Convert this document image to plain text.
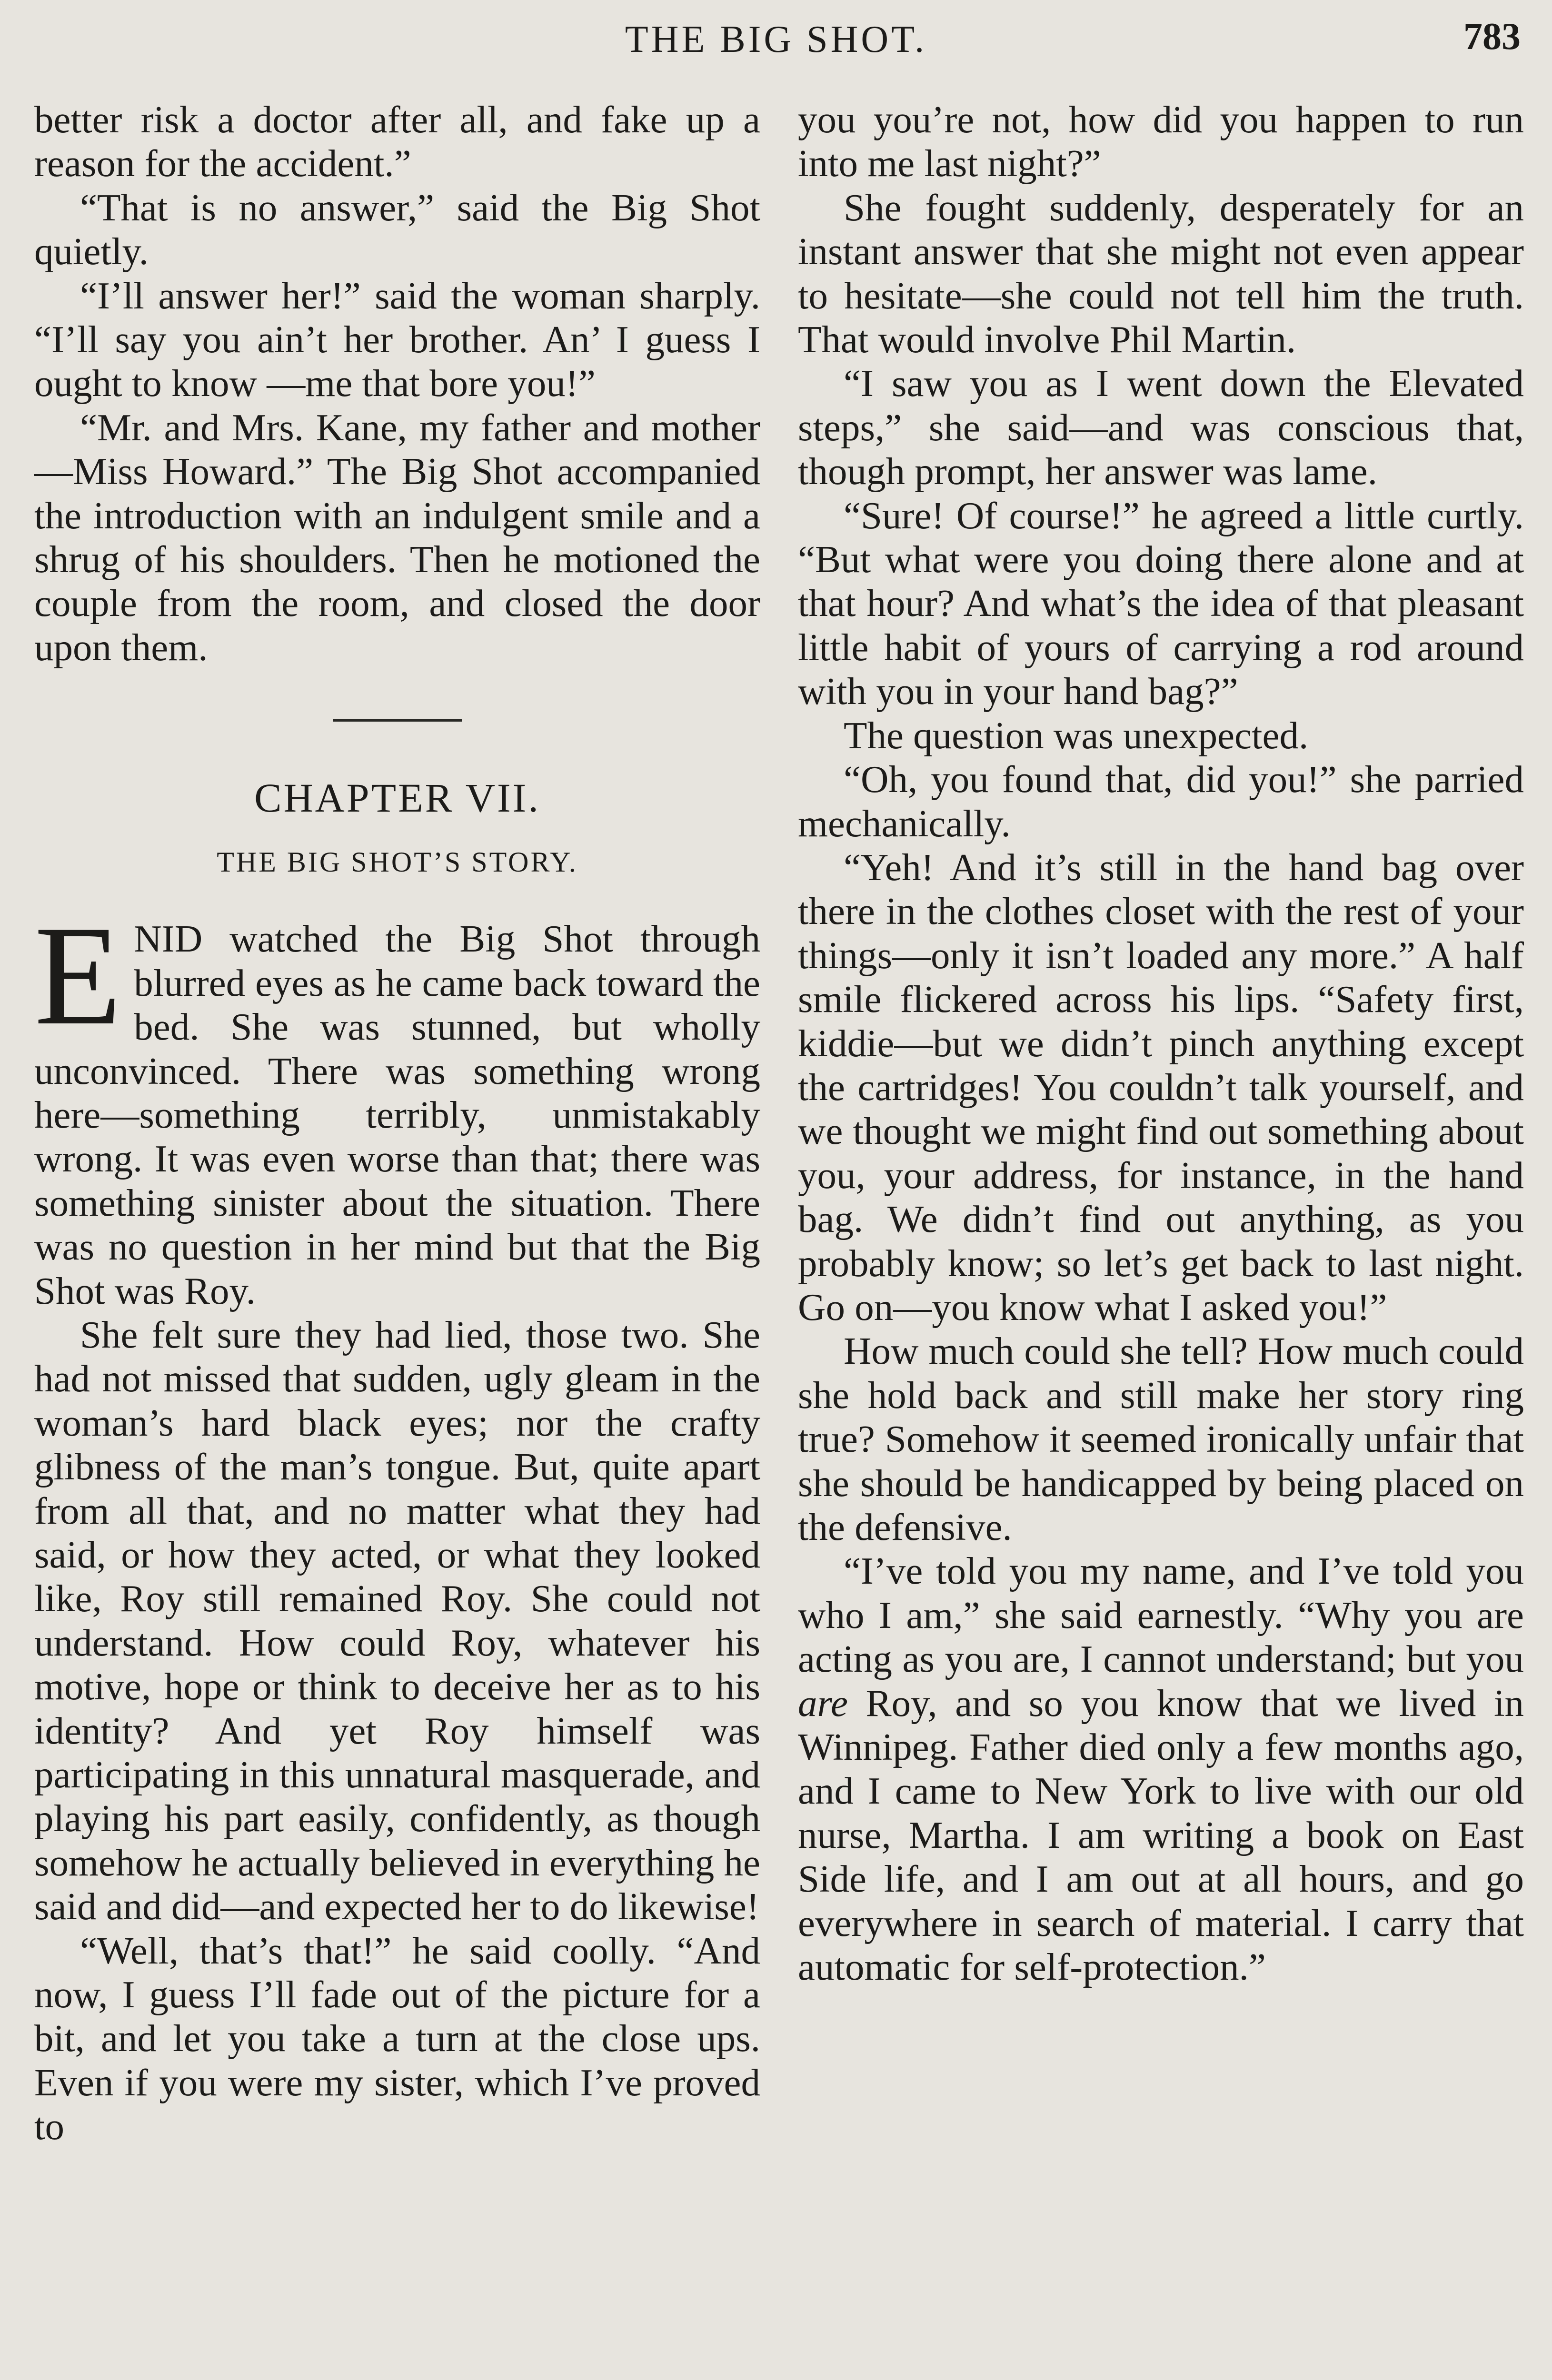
THE BIG SHOT.	783

better risk a doctor after all, and fake up a reason for the accident.”

“That is no answer,” said the Big Shot quietly.

“I’ll answer her!” said the woman sharply. “I’ll say you ain’t her brother. An’ I guess I ought to know —me that bore you!”

“Mr. and Mrs. Kane, my father and mother—Miss Howard.” The Big Shot accompanied the introduction with an indulgent smile and a shrug of his shoulders. Then he motioned the couple from the room, and closed the door upon them.

CHAPTER VII.
THE BIG SHOT’S STORY.

ENID watched the Big Shot through blurred eyes as he came back toward the bed. She was stunned, but wholly unconvinced. There was something wrong here—something terribly, unmistakably wrong. It was even worse than that; there was something sinister about the situation. There was no question in her mind but that the Big Shot was Roy.

She felt sure they had lied, those two. She had not missed that sudden, ugly gleam in the woman’s hard black eyes; nor the crafty glibness of the man’s tongue. But, quite apart from all that, and no matter what they had said, or how they acted, or what they looked like, Roy still remained Roy. She could not understand. How could Roy, whatever his motive, hope or think to deceive her as to his identity? And yet Roy himself was participating in this unnatural masquerade, and playing his part easily, confidently, as though somehow he actually believed in everything he said and did—and expected her to do likewise!

“Well, that’s that!” he said coolly. “And now, I guess I’ll fade out of the picture for a bit, and let you take a turn at the close ups. Even if you were my sister, which I’ve proved to

you you’re not, how did you happen to run into me last night?”

She fought suddenly, desperately for an instant answer that she might not even appear to hesitate—she could not tell him the truth. That would involve Phil Martin.

“I saw you as I went down the Elevated steps,” she said—and was conscious that, though prompt, her answer was lame.

“Sure! Of course!” he agreed a little curtly. “But what were you doing there alone and at that hour? And what’s the idea of that pleasant little habit of yours of carrying a rod around with you in your hand bag?”

The question was unexpected.

“Oh, you found that, did you!” she parried mechanically.

“Yeh! And it’s still in the hand bag over there in the clothes closet with the rest of your things—only it isn’t loaded any more.” A half smile flickered across his lips. “Safety first, kiddie—but we didn’t pinch anything except the cartridges! You couldn’t talk yourself, and we thought we might find out something about you, your address, for instance, in the hand bag. We didn’t find out anything, as you probably know; so let’s get back to last night. Go on—you know what I asked you!”

How much could she tell? How much could she hold back and still make her story ring true? Somehow it seemed ironically unfair that she should be handicapped by being placed on the defensive.

“I’ve told you my name, and I’ve told you who I am,” she said earnestly. “Why you are acting as you are, I cannot understand; but you are Roy, and so you know that we lived in Winnipeg. Father died only a few months ago, and I came to New York to live with our old nurse, Martha. I am writing a book on East Side life, and I am out at all hours, and go everywhere in search of material. I carry that automatic for self-protection.”
